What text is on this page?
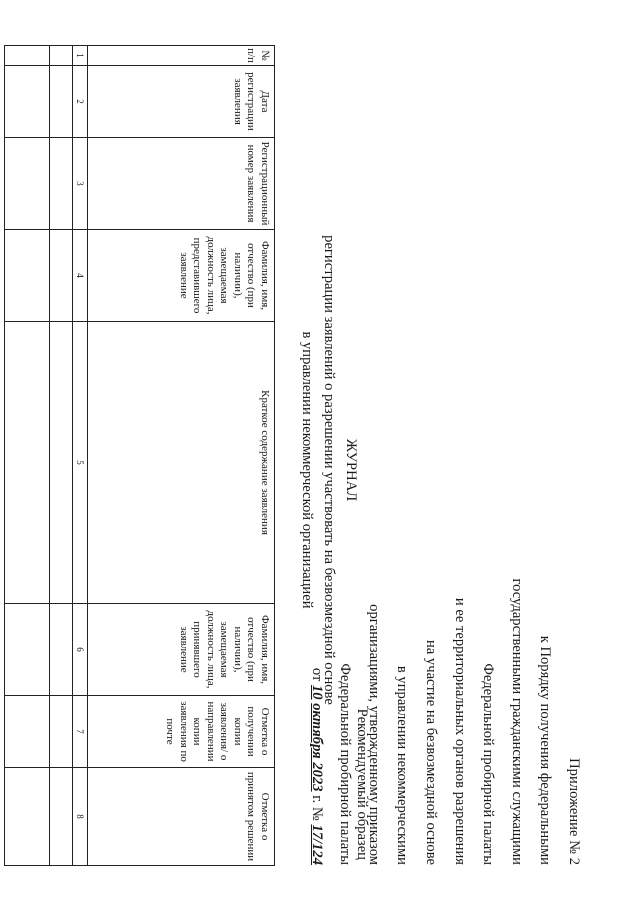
Приложение № 2
к Порядку получения федеральными
государственными гражданскими служащими
Федеральной пробирной палаты
и ее территориальных органов разрешения
на участие на безвозмездной основе
в управлении некоммерческими
организациями, утвержденному приказом
Федеральной пробирной палаты
от 10 октября 2023 г. № 17/124	Рекомендуемый образец
ЖУРНАЛ
регистрации заявлений о разрешении участвовать на безвозмездной основе
в управлении некоммерческой организацией
№ п/п	Дата регистрации заявления	Регистрационный номер заявления	Фамилия, имя, отчество (при наличии), замещаемая должность лица, представившего заявление	Краткое содержание заявления	Фамилия, имя, отчество (при наличии), замещаемая должность лица, принявшего заявление	Отметка о получении копии заявления/ о направлении копии заявления по почте	Отметка о принятом решении
1	2	3	4	5	6	7	8
